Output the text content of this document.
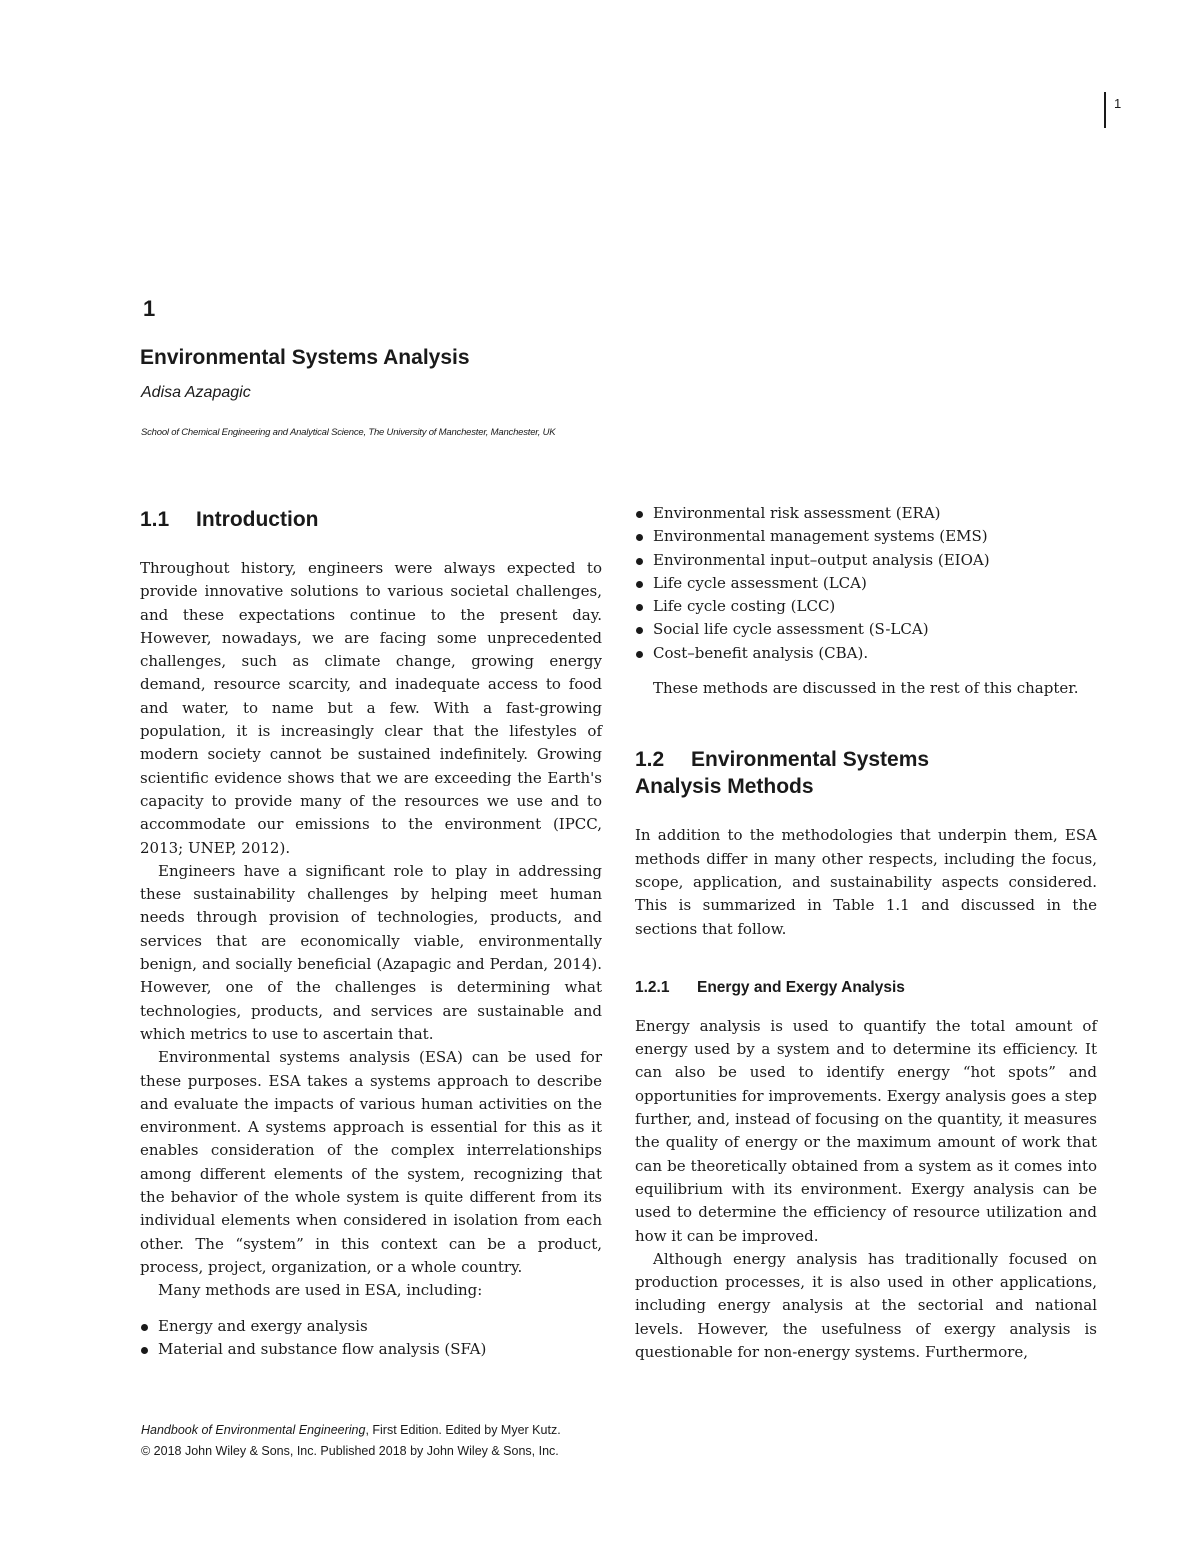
1
1
Environmental Systems Analysis
Adisa Azapagic
School of Chemical Engineering and Analytical Science, The University of Manchester, Manchester, UK
1.1 Introduction

Throughout history, engineers were always expected to provide innovative solutions to various societal challenges, and these expectations continue to the present day. However, nowadays, we are facing some unprecedented challenges, such as climate change, growing energy demand, resource scarcity, and inadequate access to food and water, to name but a few. With a fast-growing population, it is increasingly clear that the lifestyles of modern society cannot be sustained indefinitely. Growing scientific evidence shows that we are exceeding the Earth's capacity to provide many of the resources we use and to accommodate our emissions to the environment (IPCC, 2013; UNEP, 2012).

Engineers have a significant role to play in addressing these sustainability challenges by helping meet human needs through provision of technologies, products, and services that are economically viable, environmentally benign, and socially beneficial (Azapagic and Perdan, 2014). However, one of the challenges is determining what technologies, products, and services are sustainable and which metrics to use to ascertain that.

Environmental systems analysis (ESA) can be used for these purposes. ESA takes a systems approach to describe and evaluate the impacts of various human activities on the environment. A systems approach is essential for this as it enables consideration of the complex interrelationships among different elements of the system, recognizing that the behavior of the whole system is quite different from its individual elements when considered in isolation from each other. The “system” in this context can be a product, process, project, organization, or a whole country.

Many methods are used in ESA, including:

Energy and exergy analysis
Material and substance flow analysis (SFA)
Environmental risk assessment (ERA)
Environmental management systems (EMS)
Environmental input–output analysis (EIOA)
Life cycle assessment (LCA)
Life cycle costing (LCC)
Social life cycle assessment (S-LCA)
Cost–benefit analysis (CBA).

These methods are discussed in the rest of this chapter.

1.2 Environmental Systems
Analysis Methods

In addition to the methodologies that underpin them, ESA methods differ in many other respects, including the focus, scope, application, and sustainability aspects considered. This is summarized in Table 1.1 and discussed in the sections that follow.

1.2.1 Energy and Exergy Analysis

Energy analysis is used to quantify the total amount of energy used by a system and to determine its efficiency. It can also be used to identify energy “hot spots” and opportunities for improvements. Exergy analysis goes a step further, and, instead of focusing on the quantity, it measures the quality of energy or the maximum amount of work that can be theoretically obtained from a system as it comes into equilibrium with its environment. Exergy analysis can be used to determine the efficiency of resource utilization and how it can be improved.

Although energy analysis has traditionally focused on production processes, it is also used in other applications, including energy analysis at the sectorial and national levels. However, the usefulness of exergy analysis is questionable for non-energy systems. Furthermore,

Handbook of Environmental Engineering, First Edition. Edited by Myer Kutz.
© 2018 John Wiley & Sons, Inc. Published 2018 by John Wiley & Sons, Inc.
